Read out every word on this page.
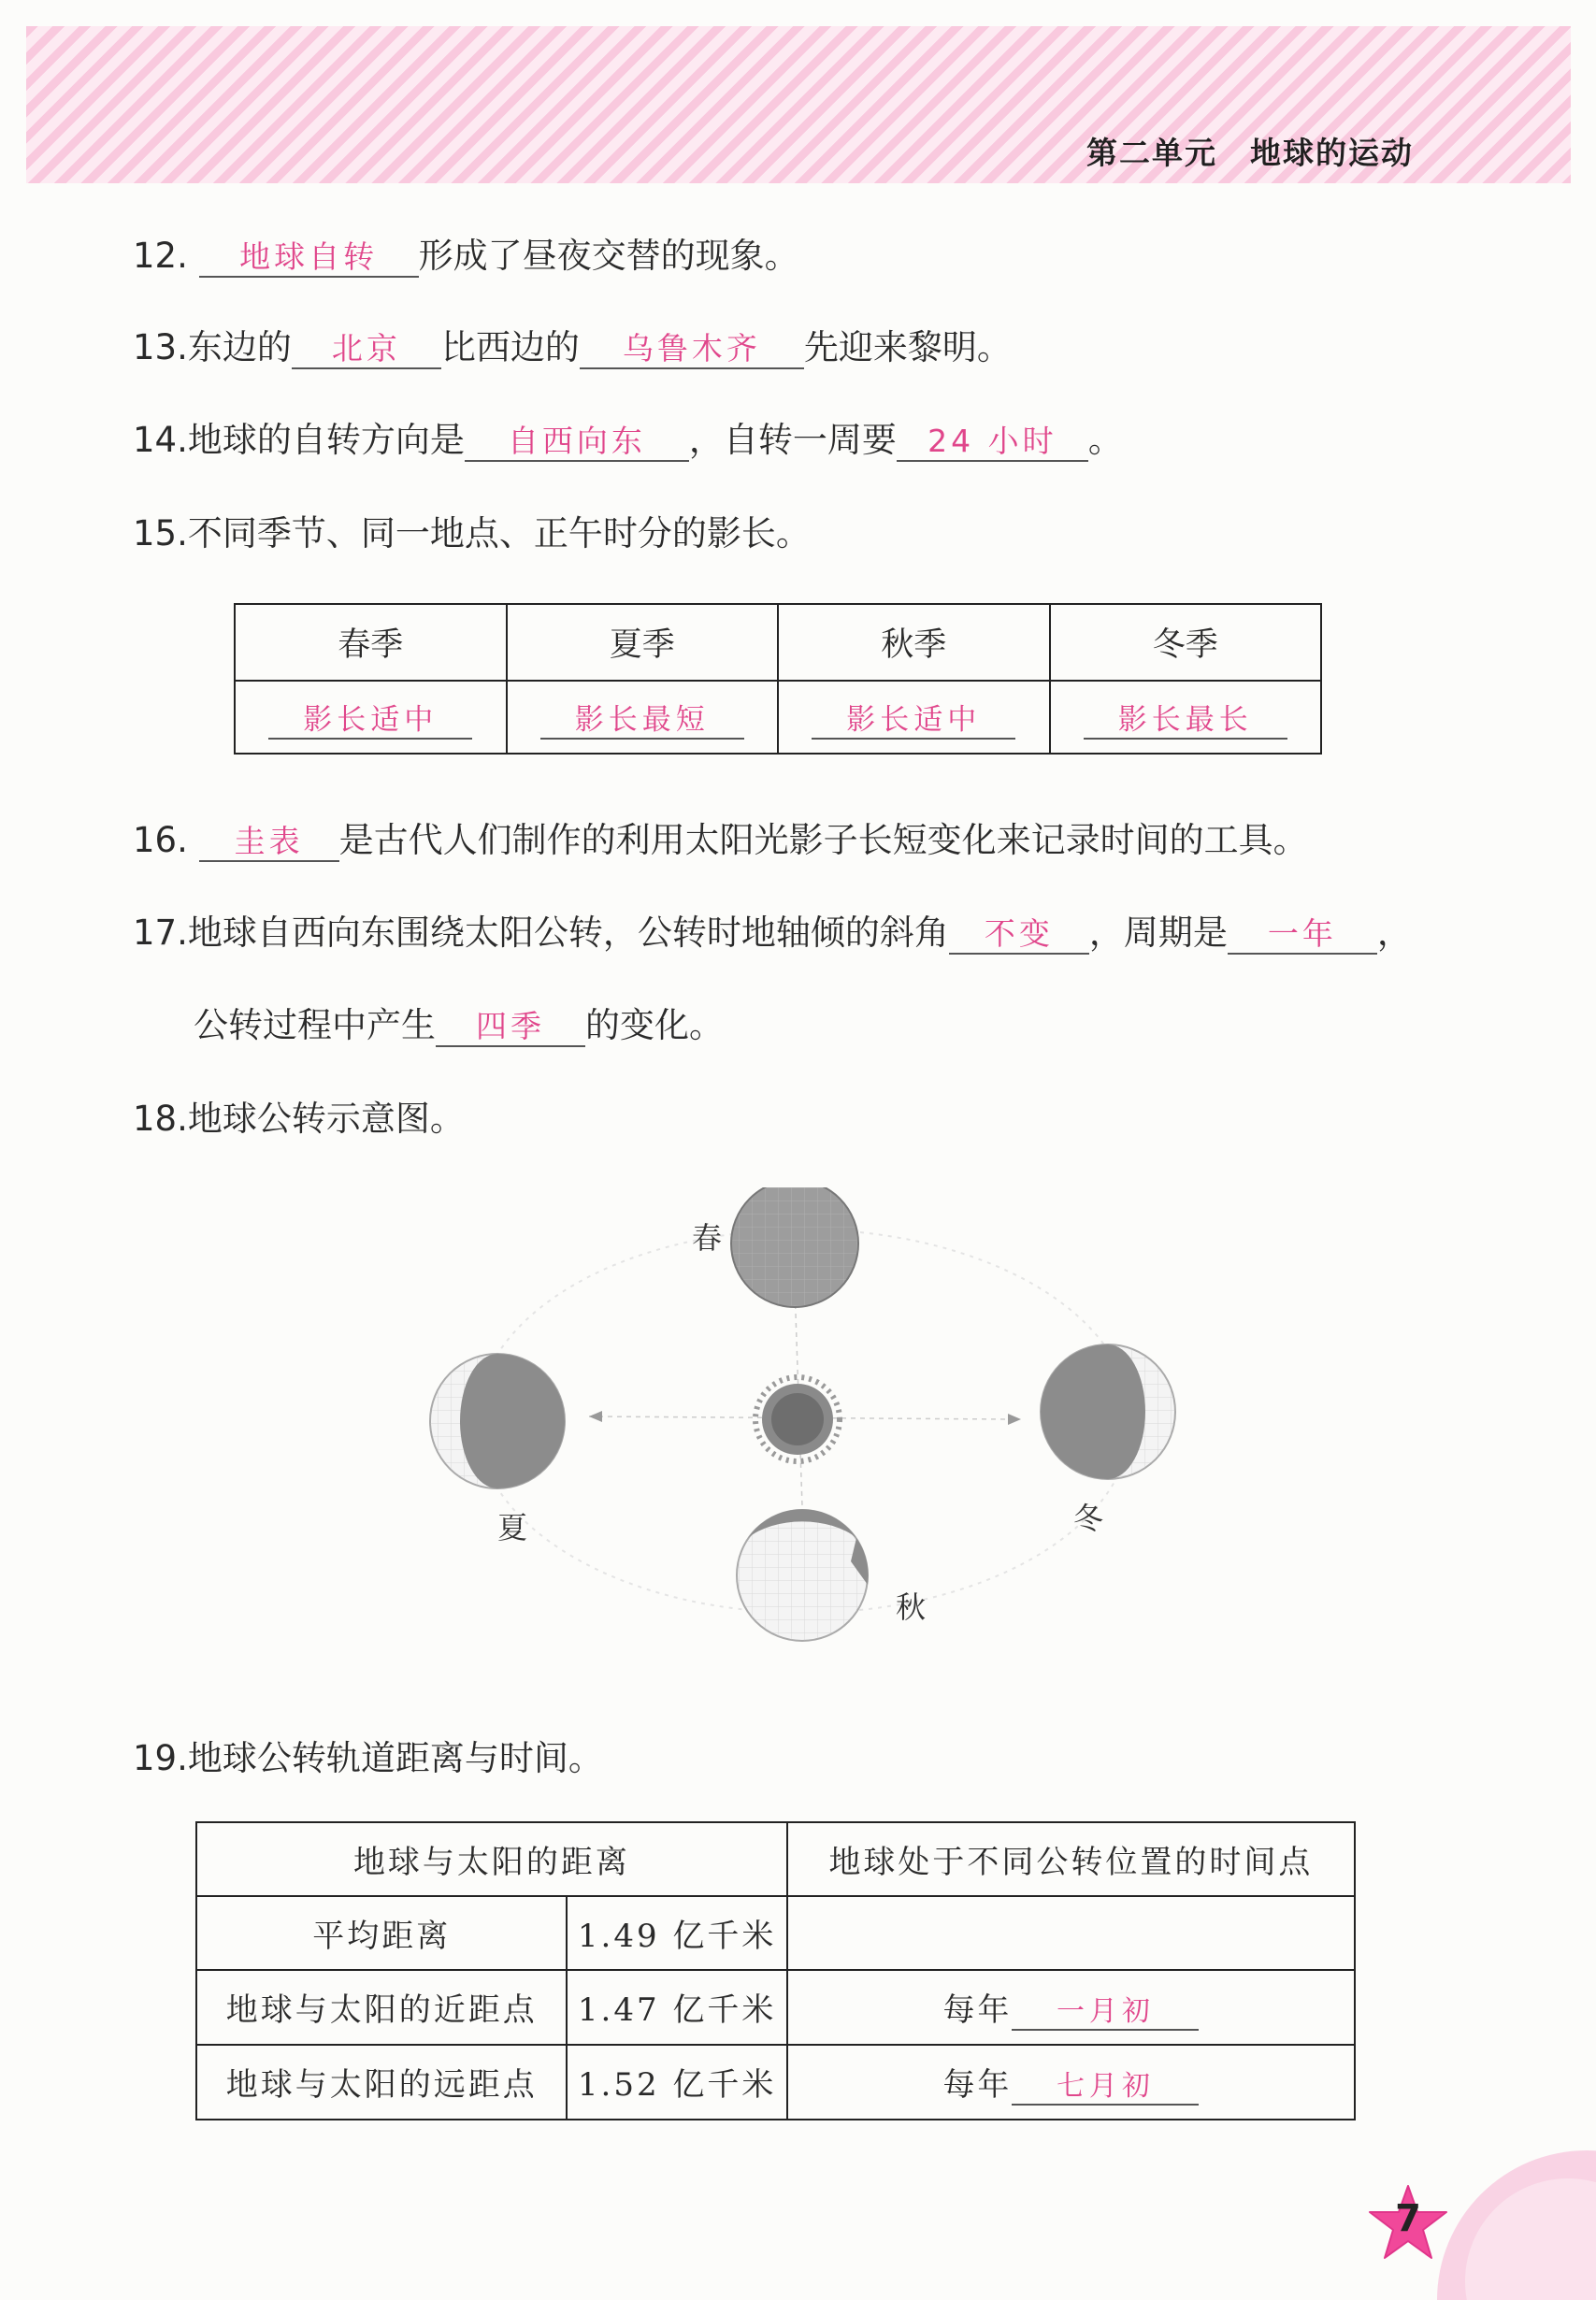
第二单元　地球的运动
12. 地球自转 形成了昼夜交替的现象。
13.东边的 北京 比西边的 乌鲁木齐 先迎来黎明。
14.地球的自转方向是 自西向东 ，自转一周要 24 小时 。
15.不同季节、同一地点、正午时分的影长。
春季	夏季	秋季	冬季
影长适中	影长最短	影长适中	影长最长
16. 圭表 是古代人们制作的利用太阳光影子长短变化来记录时间的工具。
17.地球自西向东围绕太阳公转，公转时地轴倾的斜角 不变 ，周期是 一年 ，
公转过程中产生 四季 的变化。
18.地球公转示意图。
春
夏	冬
秋
19.地球公转轨道距离与时间。
地球与太阳的距离		地球处于不同公转位置的时间点
平均距离	1.49 亿千米	
地球与太阳的近距点	1.47 亿千米	每年 一月初
地球与太阳的远距点	1.52 亿千米	每年 七月初
7
